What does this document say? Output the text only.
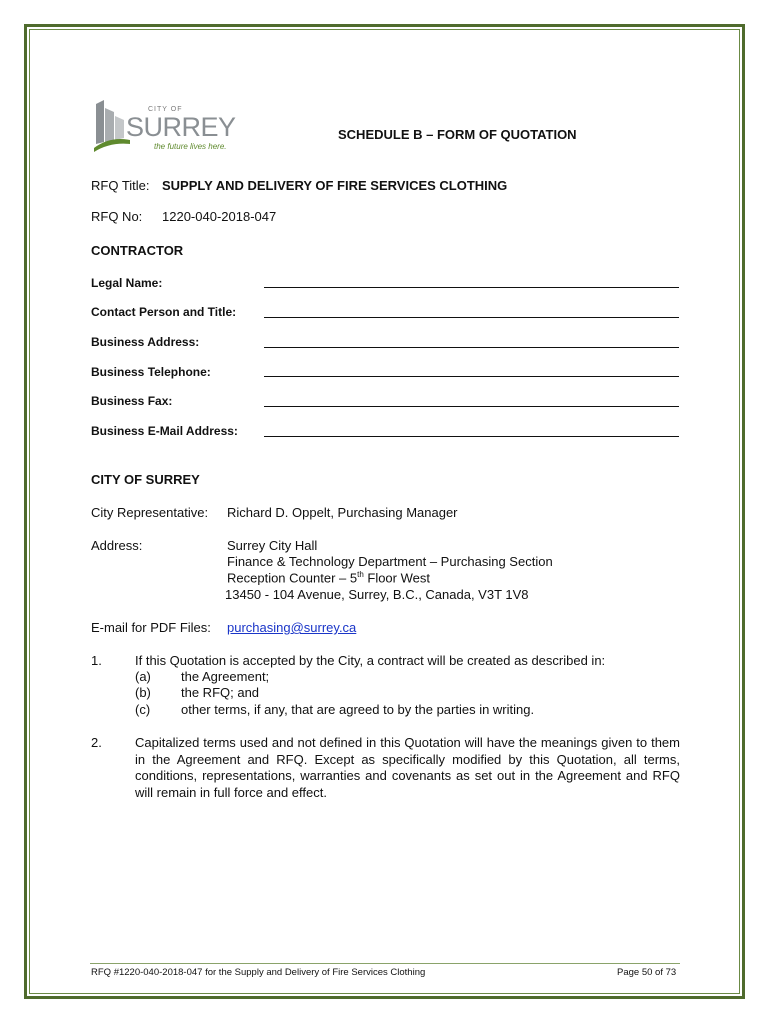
CITY OF
SURREY
the future lives here.
SCHEDULE B – FORM OF QUOTATION
RFQ Title: SUPPLY AND DELIVERY OF FIRE SERVICES CLOTHING
RFQ No: 1220-040-2018-047
CONTRACTOR
Legal Name:
Contact Person and Title:
Business Address:
Business Telephone:
Business Fax:
Business E-Mail Address:
CITY OF SURREY
City Representative: Richard D. Oppelt, Purchasing Manager
Address:	Surrey City Hall
Finance & Technology Department – Purchasing Section
Reception Counter – 5th Floor West
13450 - 104 Avenue, Surrey, B.C., Canada, V3T 1V8
E-mail for PDF Files: purchasing@surrey.ca
1.	If this Quotation is accepted by the City, a contract will be created as described in:
(a) the Agreement;
(b) the RFQ; and
(c) other terms, if any, that are agreed to by the parties in writing.
2.	Capitalized terms used and not defined in this Quotation will have the meanings given to them in the Agreement and RFQ. Except as specifically modified by this Quotation, all terms, conditions, representations, warranties and covenants as set out in the Agreement and RFQ will remain in full force and effect.
RFQ #1220-040-2018-047 for the Supply and Delivery of Fire Services Clothing	Page 50 of 73
